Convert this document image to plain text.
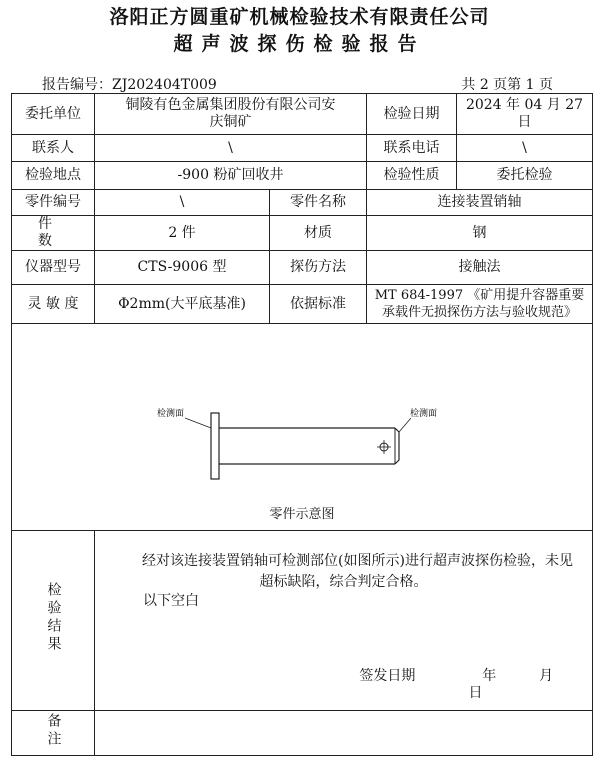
洛阳正方圆重矿机械检验技术有限责任公司
超声波探伤检验报告
报告编号：ZJ202404T009	共 2 页第 1 页
委托单位	铜陵有色金属集团股份有限公司安庆铜矿		检验日期	2024 年 04 月 27 日
联系人	\		联系电话	\
检验地点	-900 粉矿回收井		检验性质	委托检验
零件编号	\	零件名称	连接装置销轴	
件 数	2 件	材质	钢	
仪器型号	CTS-9006 型	探伤方法	接触法	
灵 敏 度	Φ2mm(大平底基准)	依据标准	MT 684-1997 《矿用提升容器重要承载件无损探伤方法与验收规范》	

检测面 检测面
零件示意图				

检验结果	经对该连接装置销轴可检测部位(如图所示)进行超声波探伤检验，未见超标缺陷，综合判定合格。
以下空白
签发日期 年 月  日			

备注				
